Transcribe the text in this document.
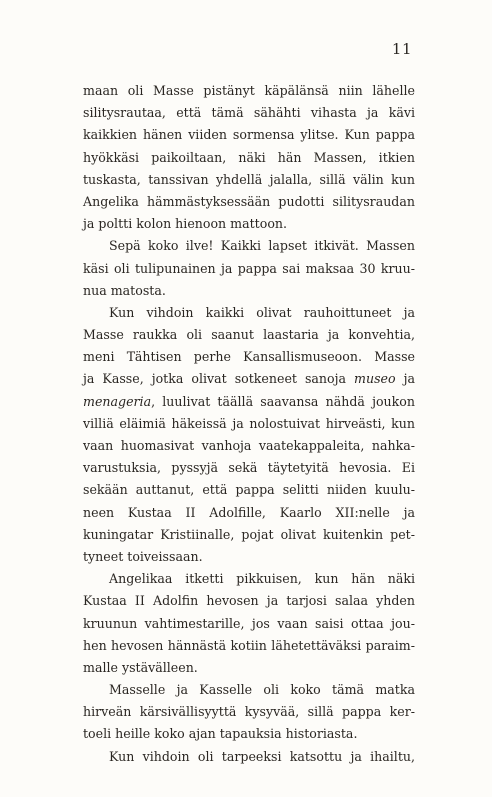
11
maan oli Masse pistänyt käpälänsä niin lähelle
silitysrautaa, että tämä sähähti vihasta ja kävi
kaikkien hänen viiden sormensa ylitse. Kun pappa
hyökkäsi paikoiltaan, näki hän Massen, itkien
tuskasta, tanssivan yhdellä jalalla, sillä välin kun
Angelika hämmästyksessään pudotti silitysraudan
ja poltti kolon hienoon mattoon.
Sepä koko ilve! Kaikki lapset itkivät. Massen
käsi oli tulipunainen ja pappa sai maksaa 30 kruu-
nua matosta.
Kun vihdoin kaikki olivat rauhoittuneet ja
Masse raukka oli saanut laastaria ja konvehtia,
meni Tähtisen perhe Kansallismuseoon. Masse
ja Kasse, jotka olivat sotkeneet sanoja museo ja
menageria, luulivat täällä saavansa nähdä joukon
villiä eläimiä häkeissä ja nolostuivat hirveästi, kun
vaan huomasivat vanhoja vaatekappaleita, nahka-
varustuksia, pyssyjä sekä täytetyitä hevosia. Ei
sekään auttanut, että pappa selitti niiden kuulu-
neen Kustaa II Adolfille, Kaarlo XII:nelle ja
kuningatar Kristiinalle, pojat olivat kuitenkin pet-
tyneet toiveissaan.
Angelikaa itketti pikkuisen, kun hän näki
Kustaa II Adolfin hevosen ja tarjosi salaa yhden
kruunun vahtimestarille, jos vaan saisi ottaa jou-
hen hevosen hännästä kotiin lähetettäväksi paraim-
malle ystävälleen.
Masselle ja Kasselle oli koko tämä matka
hirveän kärsivällisyyttä kysyvää, sillä pappa ker-
toeli heille koko ajan tapauksia historiasta.
Kun vihdoin oli tarpeeksi katsottu ja ihailtu,
